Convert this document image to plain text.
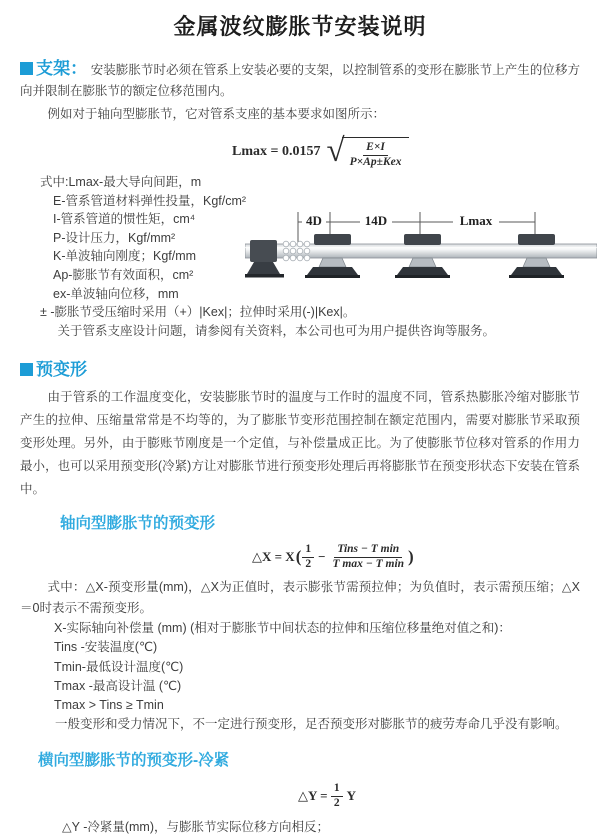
金属波纹膨胀节安装说明
支架： 安装膨胀节时必须在管系上安装必要的支架，以控制管系的变形在膨胀节上产生的位移方向并限制在膨胀节的额定位移范围内。
例如对于轴向型膨胀节，它对管系支座的基本要求如图所示：
Lmax = 0.0157 √ $\frac{E\times I}{\text{P×Ap±Kex}}$
式中:Lmax-最大导向间距，m
E-管系管道材料弹性投量，Kgf/cm²
I-管系管道的惯性矩，cm⁴
P-设计压力，Kgf/mm²
K-单波轴向刚度；Kgf/mm
Ap-膨胀节有效面积，cm²
ex-单波轴向位移，mm
± -膨胀节受压缩时采用（+）|Kex|；拉伸时采用(-)|Kex|。
关于管系支座设计问题，请参阅有关资料，本公司也可为用户提供咨询等服务。
4D	14D	Lmax
预变形
由于管系的工作温度变化，安装膨胀节时的温度与工作时的温度不同，管系热膨胀冷缩对膨胀节产生的拉伸、压缩量常常是不均等的，为了膨胀节变形范围控制在额定范围内，需要对膨胀节采取预变形处理。另外，由于膨账节刚度是一个定值，与补偿量成正比。为了使膨胀节位移对管系的作用力最小，也可以采用预变形(冷紧)方让对膨胀节进行预变形处理后再将膨胀节在预变形状态下安装在管系中。
轴向型膨胀节的预变形
△X = X ( $\frac{1}{2} - \frac{\text{Tins − T min}}{\text{T max − T min}}$ )
式中：△X-预变形量(mm)，△X为正值时，表示膨张节需预拉伸；为负值时，表示需预压缩；△X＝0时表示不需预变形。
X-实际轴向补偿量 (mm) (相对于膨胀节中间状态的拉伸和压缩位移量绝对值之和)：
Tins -安装温度(℃)
Tmin-最低设计温度(℃)
Tmax -最高设计温 (℃)
Tmax > Tins ≥ Tmin
一般变形和受力情况下，不一定进行预变形，足否预变形对膨胀节的疲劳寿命几乎没有影响。
横向型膨胀节的预变形-冷紧
△Y =
$\frac{1}{2}$ Y
△Y -冷紧量(mm)，与膨胀节实际位移方向相反；
